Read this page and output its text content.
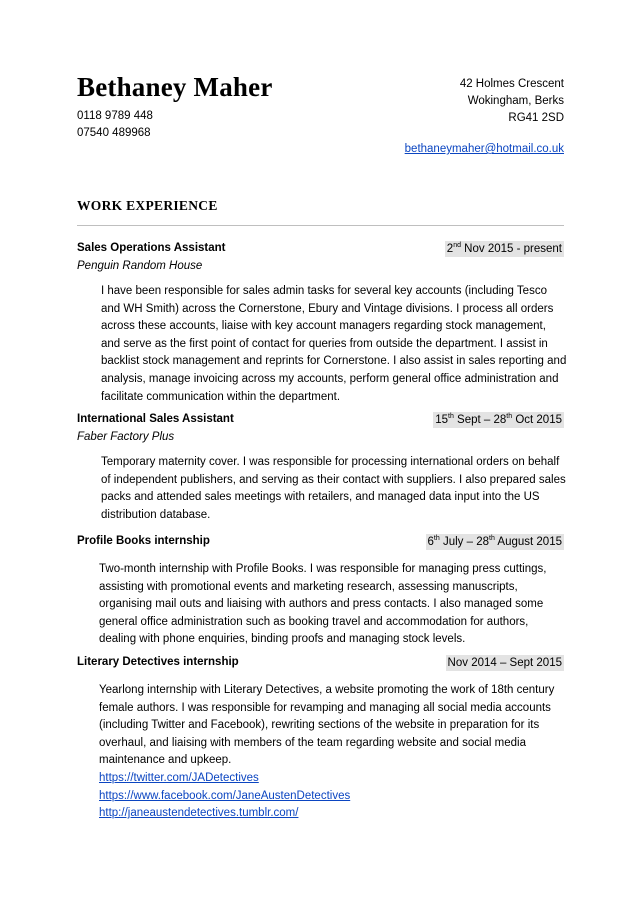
Bethaney Maher
0118 9789 448
07540 489968
42 Holmes Crescent
Wokingham, Berks
RG41 2SD
bethaneymaher@hotmail.co.uk
WORK EXPERIENCE
Sales Operations Assistant	2nd Nov 2015 - present
Penguin Random House
I have been responsible for sales admin tasks for several key accounts (including Tesco and WH Smith) across the Cornerstone, Ebury and Vintage divisions. I process all orders across these accounts, liaise with key account managers regarding stock management, and serve as the first point of contact for queries from outside the department. I assist in backlist stock management and reprints for Cornerstone. I also assist in sales reporting and analysis, manage invoicing across my accounts, perform general office administration and facilitate communication within the department.
International Sales Assistant	15th Sept – 28th Oct 2015
Faber Factory Plus
Temporary maternity cover. I was responsible for processing international orders on behalf of independent publishers, and serving as their contact with suppliers. I also prepared sales packs and attended sales meetings with retailers, and managed data input into the US distribution database.
Profile Books internship	6th July – 28th August 2015
Two-month internship with Profile Books. I was responsible for managing press cuttings, assisting with promotional events and marketing research, assessing manuscripts, organising mail outs and liaising with authors and press contacts. I also managed some general office administration such as booking travel and accommodation for authors, dealing with phone enquiries, binding proofs and managing stock levels.
Literary Detectives internship	Nov 2014 – Sept 2015
Yearlong internship with Literary Detectives, a website promoting the work of 18th century female authors. I was responsible for revamping and managing all social media accounts (including Twitter and Facebook), rewriting sections of the website in preparation for its overhaul, and liaising with members of the team regarding website and social media maintenance and upkeep.
https://twitter.com/JADetectives
https://www.facebook.com/JaneAustenDetectives
http://janeaustendetectives.tumblr.com/
